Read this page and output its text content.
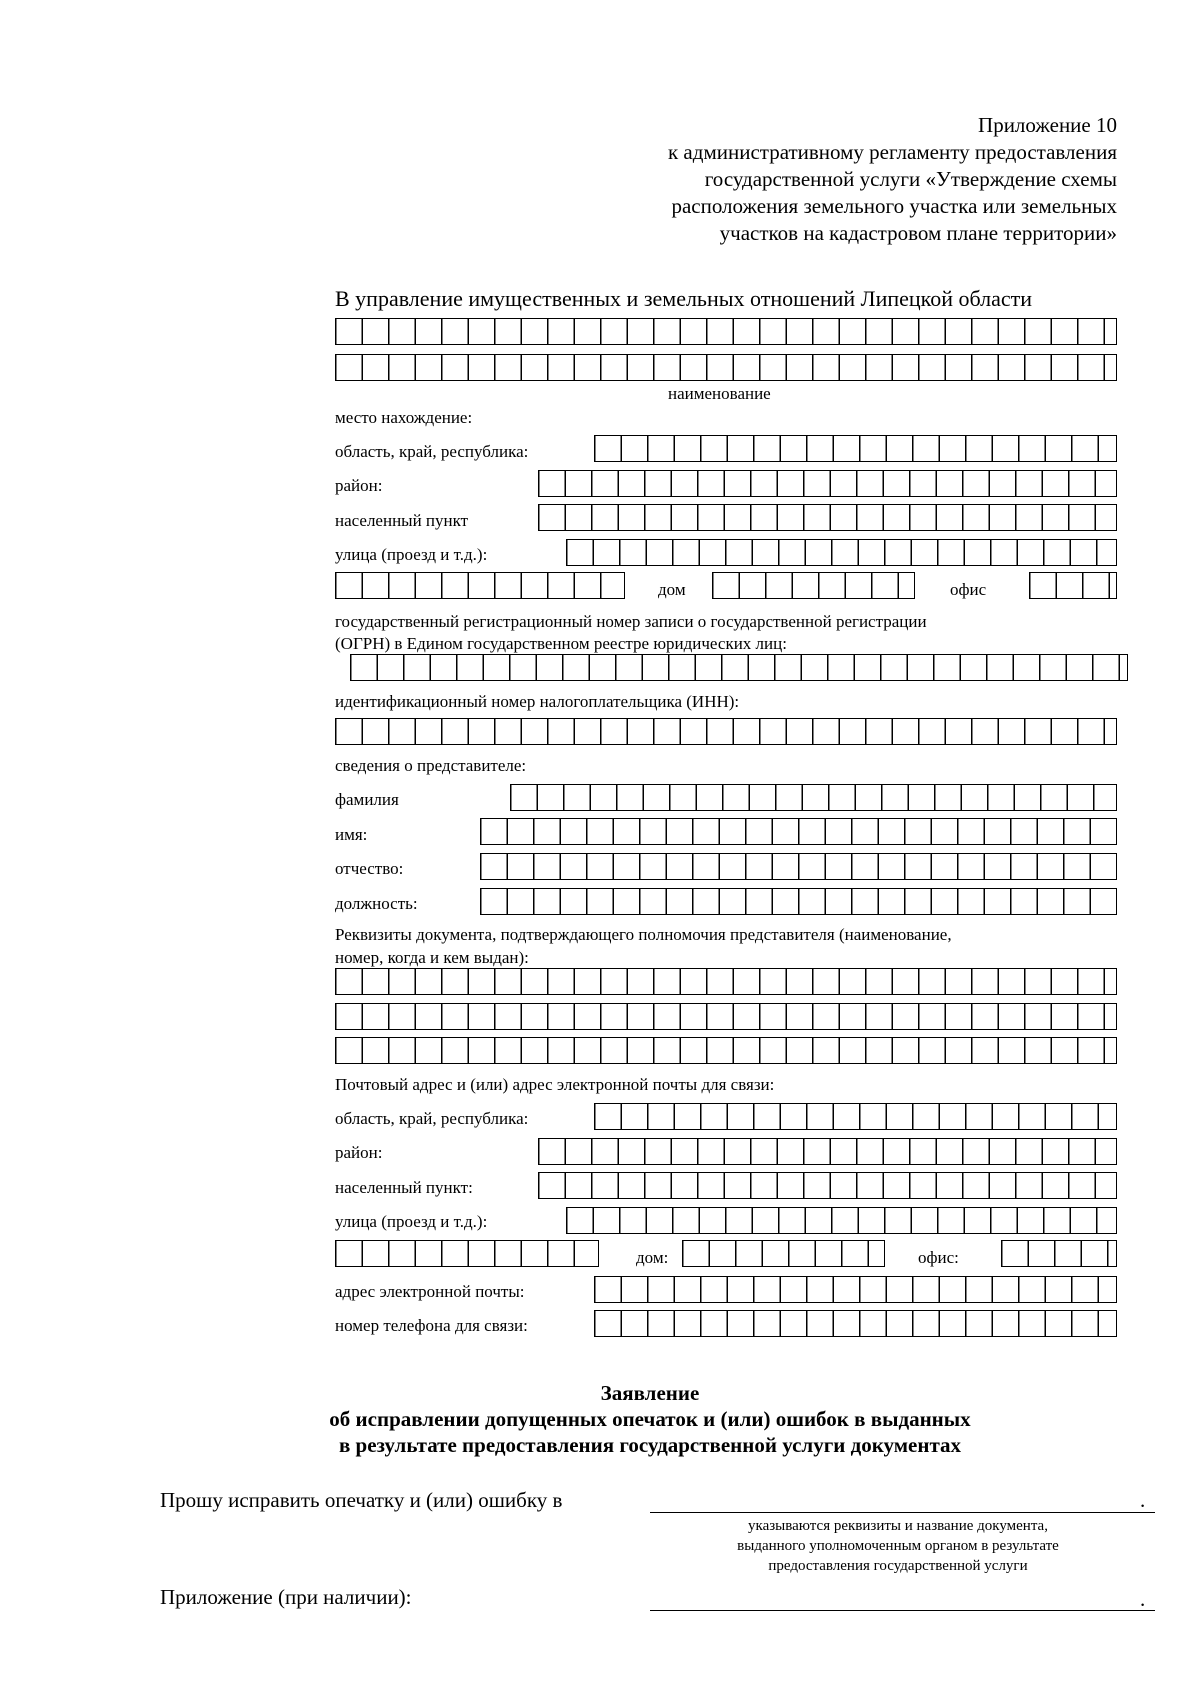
Приложение 10
к административному регламенту предоставления
государственной услуги «Утверждение схемы
расположения земельного участка или земельных
участков на кадастровом плане территории»
В управление имущественных и земельных отношений Липецкой области
наименование
место нахождение:
область, край, республика:
район:
населенный пункт
улица (проезд и т.д.):
дом	офис
государственный регистрационный номер записи о государственной регистрации
(ОГРН) в Едином государственном реестре юридических лиц:
идентификационный номер налогоплательщика (ИНН):
сведения о представителе:
фамилия
имя:
отчество:
должность:
Реквизиты документа, подтверждающего полномочия представителя (наименование,
номер, когда и кем выдан):
Почтовый адрес и (или) адрес электронной почты для связи:
область, край, республика:
район:
населенный пункт:
улица (проезд и т.д.):
дом:	офис:
адрес электронной почты:
номер телефона для связи:
Заявление
об исправлении допущенных опечаток и (или) ошибок в выданных
в результате предоставления государственной услуги документах
Прошу исправить опечатку и (или) ошибку в	.
указываются реквизиты и название документа,
выданного уполномоченным органом в результате
предоставления государственной услуги
Приложение (при наличии):	.
